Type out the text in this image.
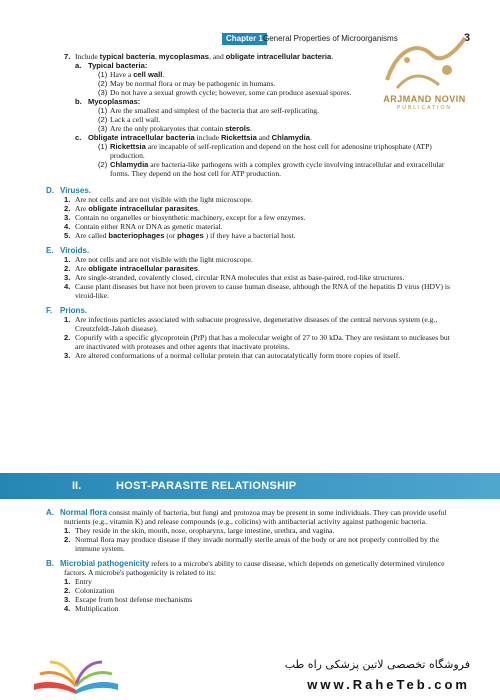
Chapter 1 General Properties of Microorganisms	3
ARJMAND NOVIN
PUBLICATION
7. Include typical bacteria, mycoplasmas, and obligate intracellular bacteria.
a. Typical bacteria:
(1) Have a cell wall.
(2) May be normal flora or may be pathogenic in humans.
(3) Do not have a sexual growth cycle; however, some can produce asexual spores.
b. Mycoplasmas:
(1) Are the smallest and simplest of the bacteria that are self-replicating.
(2) Lack a cell wall.
(3) Are the only prokaryotes that contain sterols.
c. Obligate intracellular bacteria include Rickettsia and Chlamydia.
(1) Rickettsia are incapable of self-replication and depend on the host cell for adenosine triphosphate (ATP) production.
(2) Chlamydia are bacteria-like pathogens with a complex growth cycle involving intracellular and extracellular forms. They depend on the host cell for ATP production.
D. Viruses.
1. Are not cells and are not visible with the light microscope.
2. Are obligate intracellular parasites.
3. Contain no organelles or biosynthetic machinery, except for a few enzymes.
4. Contain either RNA or DNA as genetic material.
5. Are called bacteriophages (or phages ) if they have a bacterial host.
E. Viroids.
1. Are not cells and are not visible with the light microscope.
2. Are obligate intracellular parasites.
3. Are single-stranded, covalently closed, circular RNA molecules that exist as base-paired, rod-like structures.
4. Cause plant diseases but have not been proven to cause human disease, although the RNA of the hepatitis D virus (HDV) is viroid-like.
F. Prions.
1. Are infectious particles associated with subacute progressive, degenerative diseases of the central nervous system (e.g., Creutzfeldt-Jakob disease).
2. Copurify with a specific glycoprotein (PrP) that has a molecular weight of 27 to 30 kDa. They are resistant to nucleases but are inactivated with proteases and other agents that inactivate proteins.
3. Are altered conformations of a normal cellular protein that can autocatalytically form more copies of itself.
II.	HOST-PARASITE RELATIONSHIP
A. Normal flora consist mainly of bacteria, but fungi and protozoa may be present in some individuals. They can provide useful nutrients (e.g., vitamin K) and release compounds (e.g., colicins) with antibacterial activity against pathogenic bacteria.
1. They reside in the skin, mouth, nose, oropharynx, large intestine, urethra, and vagina.
2. Normal flora may produce disease if they invade normally sterile areas of the body or are not properly controlled by the immune system.
B. Microbial pathogenicity refers to a microbe's ability to cause disease, which depends on genetically determined virulence factors. A microbe's pathogenicity is related to its:
1. Entry
2. Colonization
3. Escape from host defense mechanisms
4. Multiplication
فروشگاه تخصصی لاتین پزشکی راه طب
www.RaheTeb.com
